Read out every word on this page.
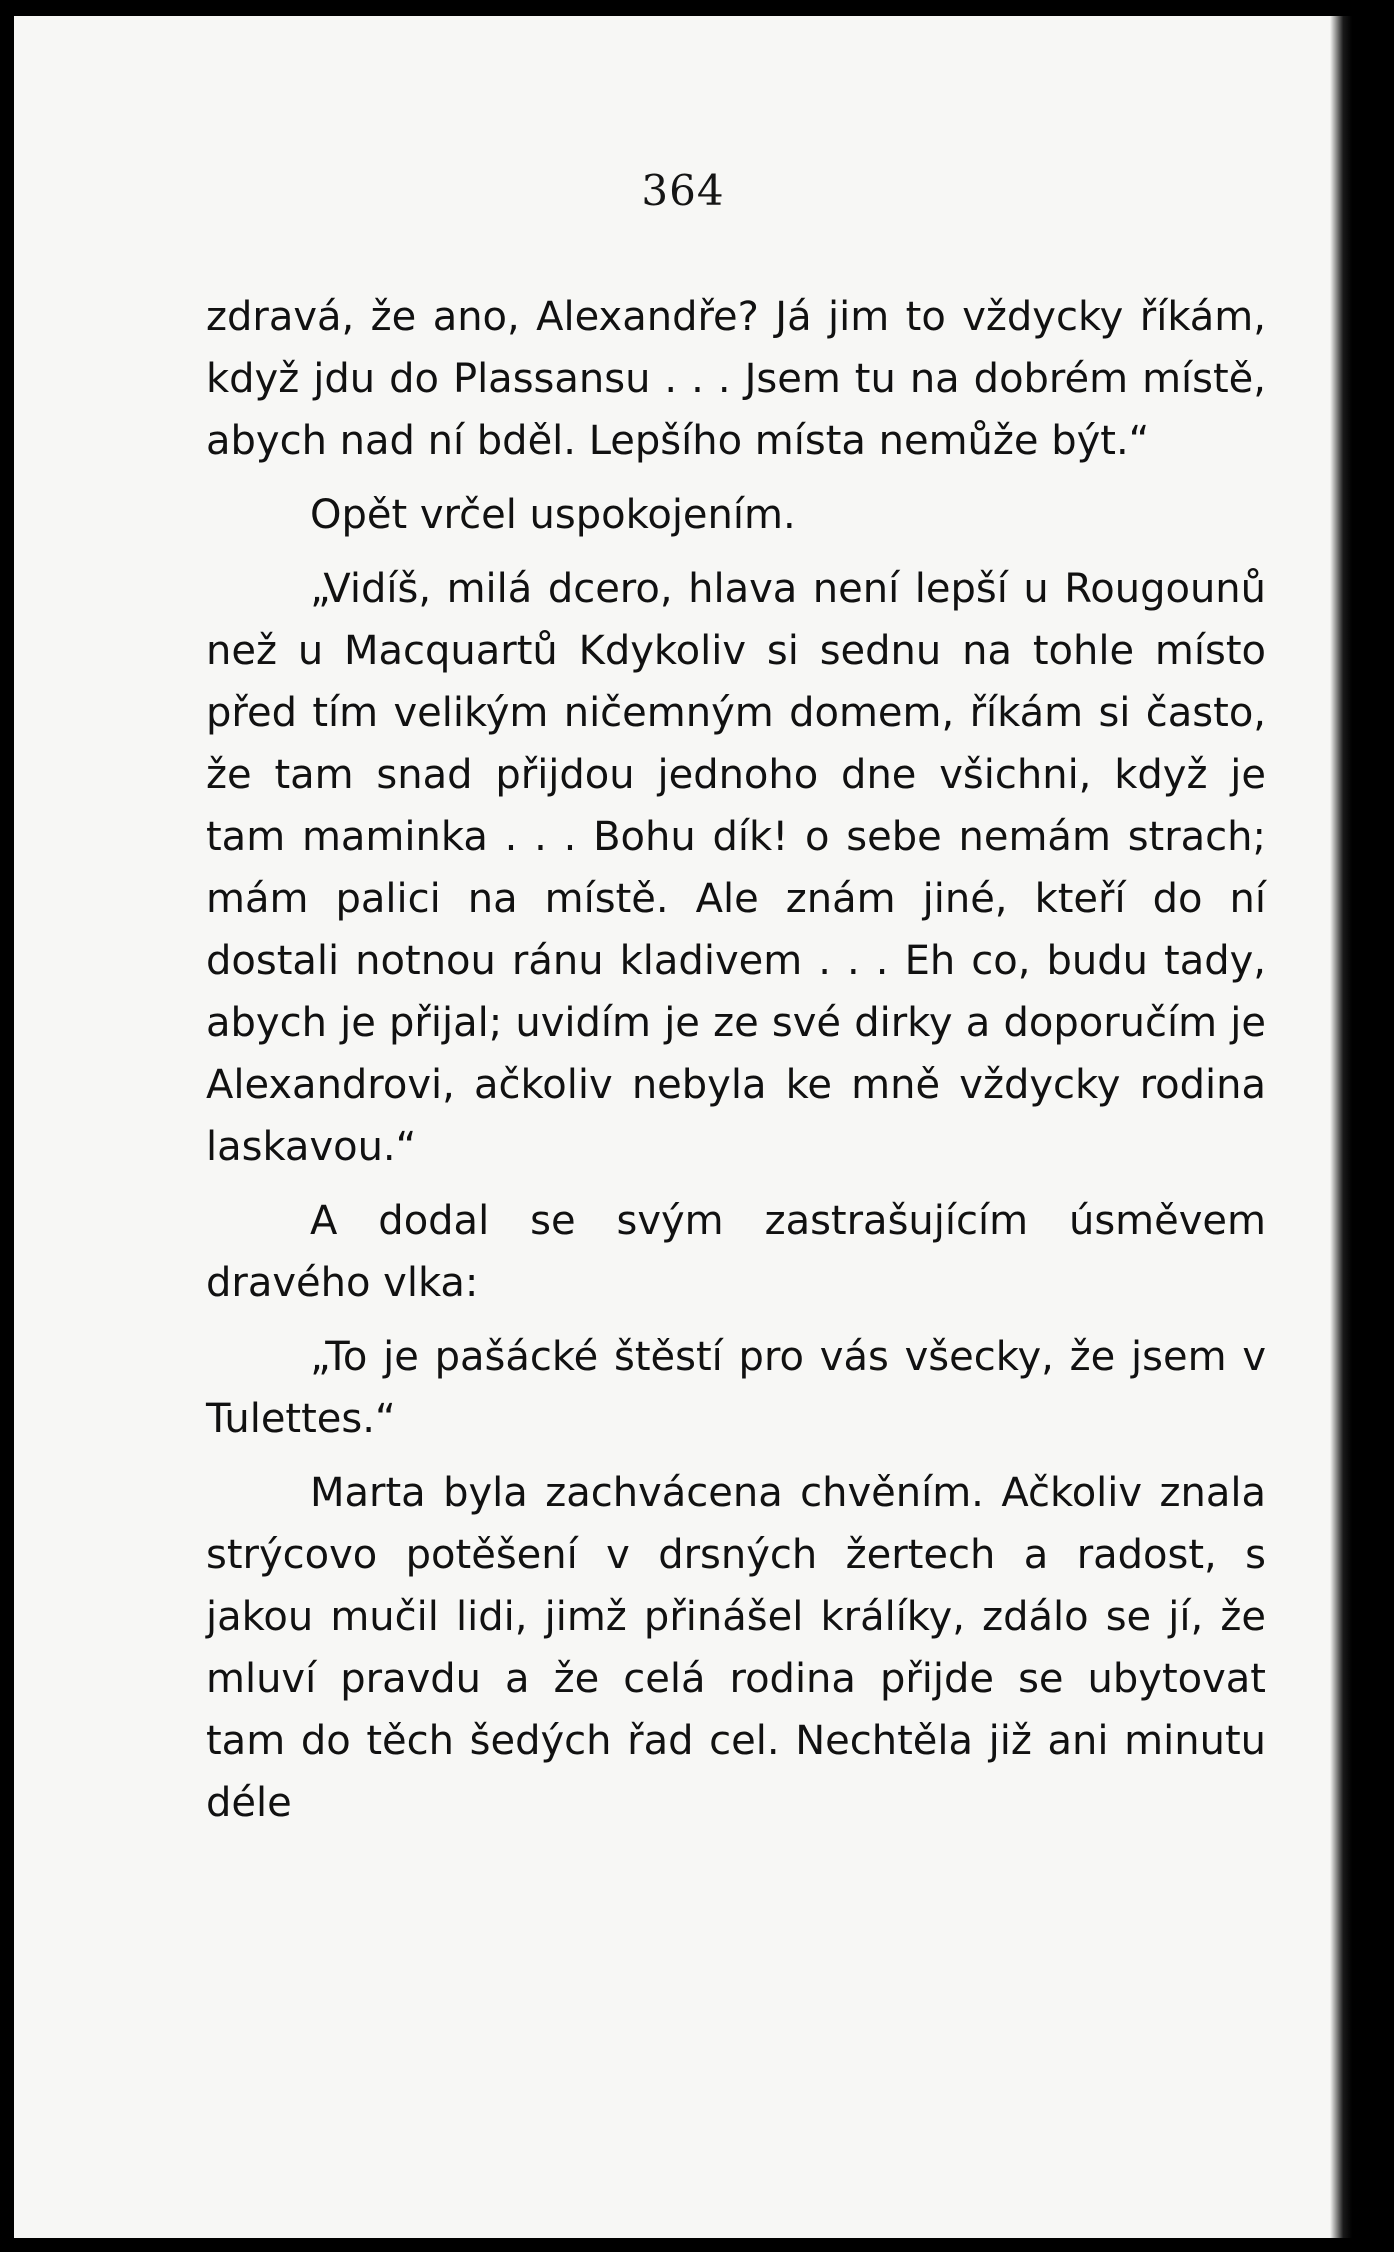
364

zdravá, že ano, Alexandře? Já jim to vždycky říkám, když jdu do Plassansu . . . Jsem tu na dobrém místě, abych nad ní bděl. Lepšího místa nemůže být.“

Opět vrčel uspokojením.

„Vidíš, milá dcero, hlava není lepší u Rougounů než u Macquartů Kdykoliv si sednu na tohle místo před tím velikým ničemným domem, říkám si často, že tam snad přijdou jednoho dne všichni, když je tam maminka . . . Bohu dík! o sebe nemám strach; mám palici na místě. Ale znám jiné, kteří do ní dostali notnou ránu kladivem . . . Eh co, budu tady, abych je přijal; uvidím je ze své dirky a doporučím je Alexandrovi, ačkoliv nebyla ke mně vždycky rodina laskavou.“

A dodal se svým zastrašujícím úsměvem dravého vlka:

„To je pašácké štěstí pro vás všecky, že jsem v Tulettes.“

Marta byla zachvácena chvěním. Ačkoliv znala strýcovo potěšení v drsných žertech a radost, s jakou mučil lidi, jimž přinášel králíky, zdálo se jí, že mluví pravdu a že celá rodina přijde se ubytovat tam do těch šedých řad cel. Nechtěla již ani minutu déle
